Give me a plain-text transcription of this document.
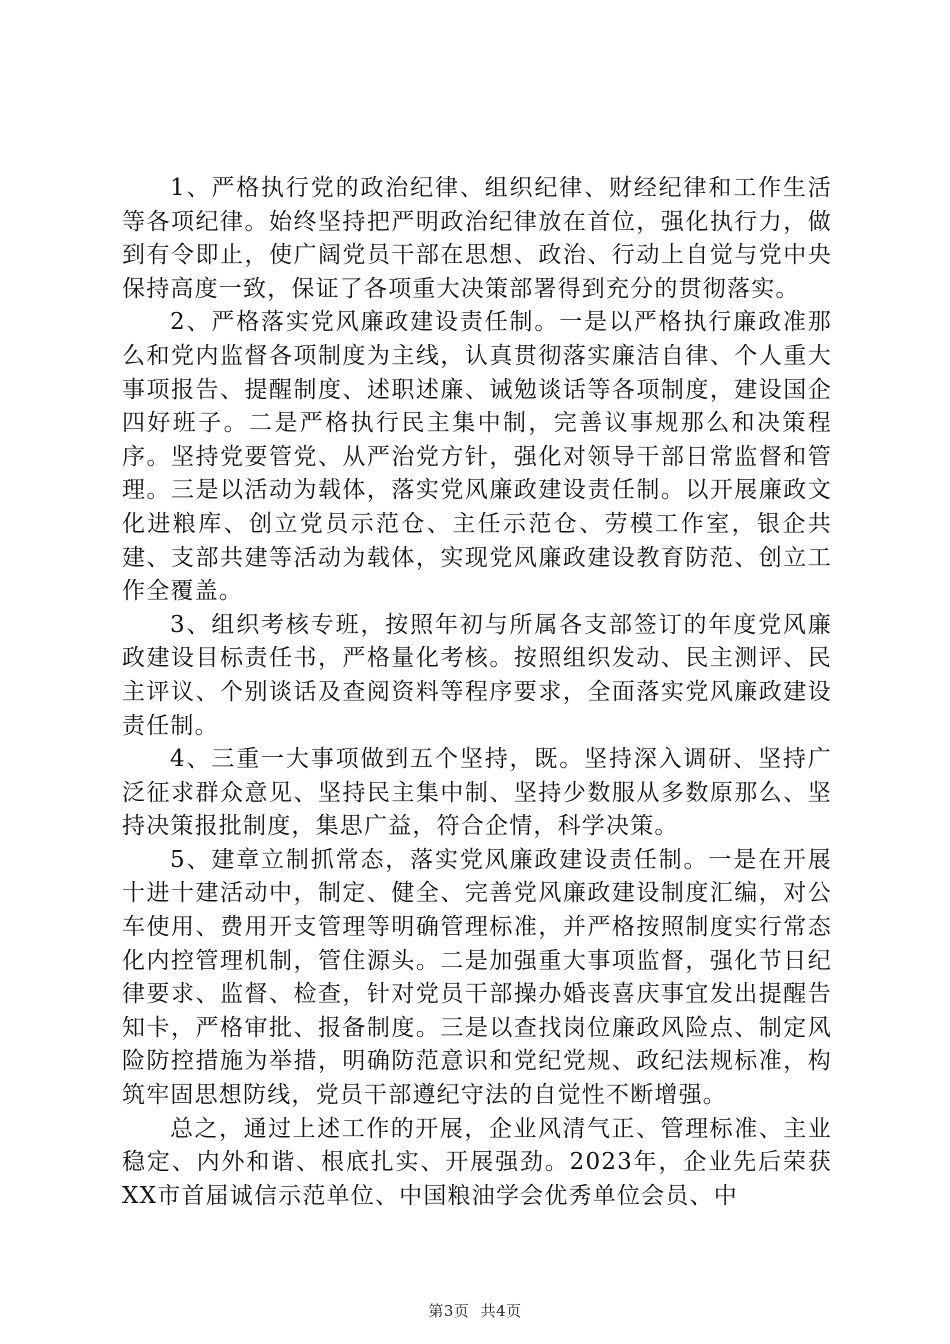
1、严格执行党的政治纪律、组织纪律、财经纪律和工作生活等各项纪律。始终坚持把严明政治纪律放在首位，强化执行力，做到有令即止，使广阔党员干部在思想、政治、行动上自觉与党中央保持高度一致，保证了各项重大决策部署得到充分的贯彻落实。

2、严格落实党风廉政建设责任制。一是以严格执行廉政准那么和党内监督各项制度为主线，认真贯彻落实廉洁自律、个人重大事项报告、提醒制度、述职述廉、诫勉谈话等各项制度，建设国企四好班子。二是严格执行民主集中制，完善议事规那么和决策程序。坚持党要管党、从严治党方针，强化对领导干部日常监督和管理。三是以活动为载体，落实党风廉政建设责任制。以开展廉政文化进粮库、创立党员示范仓、主任示范仓、劳模工作室，银企共建、支部共建等活动为载体，实现党风廉政建设教育防范、创立工作全覆盖。

3、组织考核专班，按照年初与所属各支部签订的年度党风廉政建设目标责任书，严格量化考核。按照组织发动、民主测评、民主评议、个别谈话及查阅资料等程序要求，全面落实党风廉政建设责任制。

4、三重一大事项做到五个坚持，既。坚持深入调研、坚持广泛征求群众意见、坚持民主集中制、坚持少数服从多数原那么、坚持决策报批制度，集思广益，符合企情，科学决策。

5、建章立制抓常态，落实党风廉政建设责任制。一是在开展十进十建活动中，制定、健全、完善党风廉政建设制度汇编，对公车使用、费用开支管理等明确管理标准，并严格按照制度实行常态化内控管理机制，管住源头。二是加强重大事项监督，强化节日纪律要求、监督、检查，针对党员干部操办婚丧喜庆事宜发出提醒告知卡，严格审批、报备制度。三是以查找岗位廉政风险点、制定风险防控措施为举措，明确防范意识和党纪党规、政纪法规标准，构筑牢固思想防线，党员干部遵纪守法的自觉性不断增强。

总之，通过上述工作的开展，企业风清气正、管理标准、主业稳定、内外和谐、根底扎实、开展强劲。2023年，企业先后荣获XX市首届诚信示范单位、中国粮油学会优秀单位会员、中

第3页 共4页
